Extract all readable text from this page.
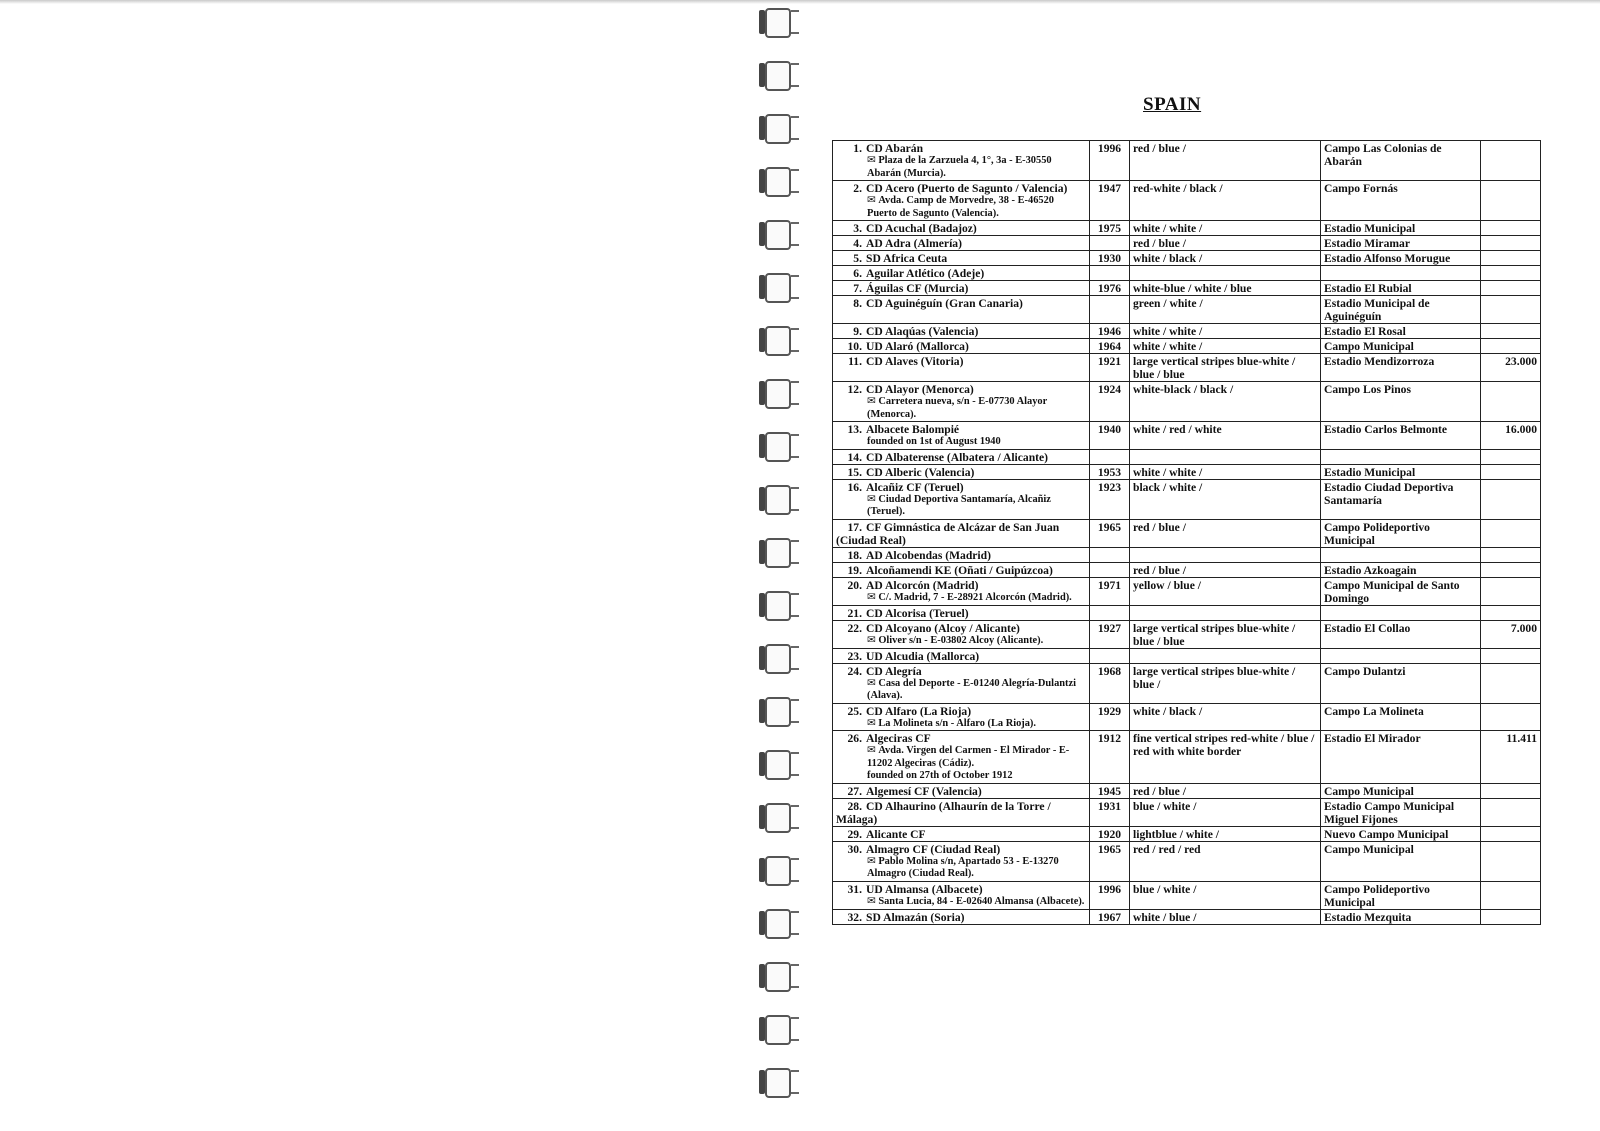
SPAIN
1. CD Abarán
✉ Plaza de la Zarzuela 4, 1°, 3a - E-30550 Abarán (Murcia).	1996	red / blue /	Campo Las Colonias de Abarán	
2. CD Acero (Puerto de Sagunto / Valencia)
✉ Avda. Camp de Morvedre, 38 - E-46520 Puerto de Sagunto (Valencia).	1947	red-white / black /	Campo Fornás	
3. CD Acuchal (Badajoz)	1975	white / white /	Estadio Municipal	
4. AD Adra (Almería)		red / blue /	Estadio Miramar	
5. SD Africa Ceuta	1930	white / black /	Estadio Alfonso Morugue	
6. Aguilar Atlético (Adeje)				
7. Águilas CF (Murcia)	1976	white-blue / white / blue	Estadio El Rubial	
8. CD Aguinéguín (Gran Canaria)		green / white /	Estadio Municipal de Aguinéguín	
9. CD Alaqúas (Valencia)	1946	white / white /	Estadio El Rosal	
10. UD Alaró (Mallorca)	1964	white / white /	Campo Municipal	
11. CD Alaves (Vitoria)	1921	large vertical stripes blue-white / blue / blue	Estadio Mendizorroza	23.000
12. CD Alayor (Menorca)
✉ Carretera nueva, s/n - E-07730 Alayor (Menorca).	1924	white-black / black /	Campo Los Pinos	
13. Albacete Balompié
founded on 1st of August 1940	1940	white / red / white	Estadio Carlos Belmonte	16.000
14. CD Albaterense (Albatera / Alicante)				
15. CD Alberic (Valencia)	1953	white / white /	Estadio Municipal	
16. Alcañiz CF (Teruel)
✉ Ciudad Deportiva Santamaría, Alcañiz (Teruel).	1923	black / white /	Estadio Ciudad Deportiva Santamaría	
17. CF Gimnástica de Alcázar de San Juan (Ciudad Real)	1965	red / blue /	Campo Polideportivo Municipal	
18. AD Alcobendas (Madrid)				
19. Alcoñamendi KE (Oñati / Guipúzcoa)		red / blue /	Estadio Azkoagain	
20. AD Alcorcón (Madrid)
✉ C/. Madrid, 7 - E-28921 Alcorcón (Madrid).	1971	yellow / blue /	Campo Municipal de Santo Domingo	
21. CD Alcorisa (Teruel)				
22. CD Alcoyano (Alcoy / Alicante)
✉ Oliver s/n - E-03802 Alcoy (Alicante).	1927	large vertical stripes blue-white / blue / blue	Estadio El Collao	7.000
23. UD Alcudia (Mallorca)				
24. CD Alegría
✉ Casa del Deporte - E-01240 Alegría-Dulantzi (Alava).	1968	large vertical stripes blue-white / blue /	Campo Dulantzi	
25. CD Alfaro (La Rioja)
✉ La Molineta s/n - Alfaro (La Rioja).	1929	white / black /	Campo La Molineta	
26. Algeciras CF
✉ Avda. Virgen del Carmen - El Mirador - E-11202 Algeciras (Cádiz).
founded on 27th of October 1912	1912	fine vertical stripes red-white / blue / red with white border	Estadio El Mirador	11.411
27. Algemesí CF (Valencia)	1945	red / blue /	Campo Municipal	
28. CD Alhaurino (Alhaurín de la Torre / Málaga)	1931	blue / white /	Estadio Campo Municipal Miguel Fijones	
29. Alicante CF	1920	lightblue / white /	Nuevo Campo Municipal	
30. Almagro CF (Ciudad Real)
✉ Pablo Molina s/n, Apartado 53 - E-13270 Almagro (Ciudad Real).	1965	red / red / red	Campo Municipal	
31. UD Almansa (Albacete)
✉ Santa Lucia, 84 - E-02640 Almansa (Albacete).	1996	blue / white /	Campo Polideportivo Municipal	
32. SD Almazán (Soria)	1967	white / blue /	Estadio Mezquita	
